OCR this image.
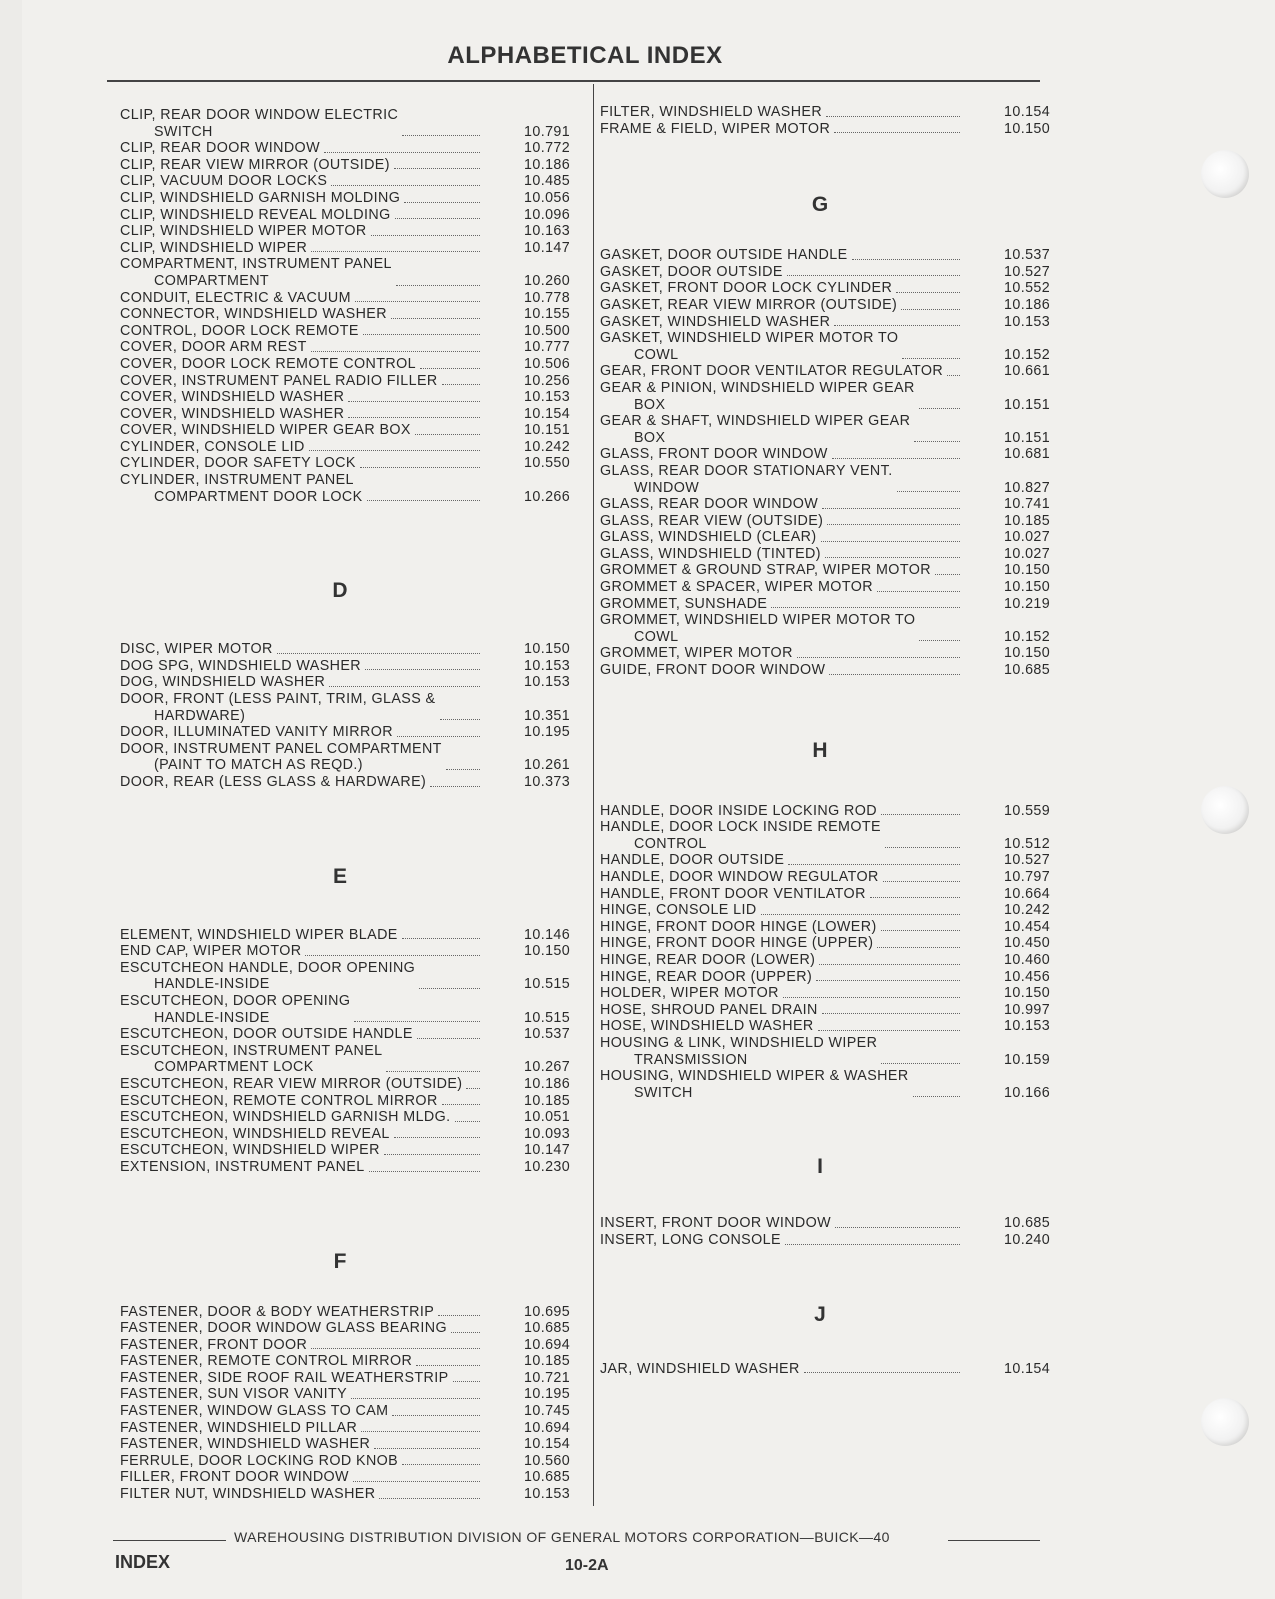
ALPHABETICAL INDEX
CLIP, REAR DOOR WINDOW ELECTRIC
SWITCH	10.791
CLIP, REAR DOOR WINDOW	10.772
CLIP, REAR VIEW MIRROR (OUTSIDE)	10.186
CLIP, VACUUM DOOR LOCKS	10.485
CLIP, WINDSHIELD GARNISH MOLDING	10.056
CLIP, WINDSHIELD REVEAL MOLDING	10.096
CLIP, WINDSHIELD WIPER MOTOR	10.163
CLIP, WINDSHIELD WIPER	10.147
COMPARTMENT, INSTRUMENT PANEL
COMPARTMENT	10.260
CONDUIT, ELECTRIC & VACUUM	10.778
CONNECTOR, WINDSHIELD WASHER	10.155
CONTROL, DOOR LOCK REMOTE	10.500
COVER, DOOR ARM REST	10.777
COVER, DOOR LOCK REMOTE CONTROL	10.506
COVER, INSTRUMENT PANEL RADIO FILLER	10.256
COVER, WINDSHIELD WASHER	10.153
COVER, WINDSHIELD WASHER	10.154
COVER, WINDSHIELD WIPER GEAR BOX	10.151
CYLINDER, CONSOLE LID	10.242
CYLINDER, DOOR SAFETY LOCK	10.550
CYLINDER, INSTRUMENT PANEL
COMPARTMENT DOOR LOCK	10.266
D
DISC, WIPER MOTOR	10.150
DOG SPG, WINDSHIELD WASHER	10.153
DOG, WINDSHIELD WASHER	10.153
DOOR, FRONT (LESS PAINT, TRIM, GLASS &
HARDWARE)	10.351
DOOR, ILLUMINATED VANITY MIRROR	10.195
DOOR, INSTRUMENT PANEL COMPARTMENT
(PAINT TO MATCH AS REQD.)	10.261
DOOR, REAR (LESS GLASS & HARDWARE)	10.373
E
ELEMENT, WINDSHIELD WIPER BLADE	10.146
END CAP, WIPER MOTOR	10.150
ESCUTCHEON HANDLE, DOOR OPENING
HANDLE-INSIDE	10.515
ESCUTCHEON, DOOR OPENING
HANDLE-INSIDE	10.515
ESCUTCHEON, DOOR OUTSIDE HANDLE	10.537
ESCUTCHEON, INSTRUMENT PANEL
COMPARTMENT LOCK	10.267
ESCUTCHEON, REAR VIEW MIRROR (OUTSIDE)	10.186
ESCUTCHEON, REMOTE CONTROL MIRROR	10.185
ESCUTCHEON, WINDSHIELD GARNISH MLDG.	10.051
ESCUTCHEON, WINDSHIELD REVEAL	10.093
ESCUTCHEON, WINDSHIELD WIPER	10.147
EXTENSION, INSTRUMENT PANEL	10.230
F
FASTENER, DOOR & BODY WEATHERSTRIP	10.695
FASTENER, DOOR WINDOW GLASS BEARING	10.685
FASTENER, FRONT DOOR	10.694
FASTENER, REMOTE CONTROL MIRROR	10.185
FASTENER, SIDE ROOF RAIL WEATHERSTRIP	10.721
FASTENER, SUN VISOR VANITY	10.195
FASTENER, WINDOW GLASS TO CAM	10.745
FASTENER, WINDSHIELD PILLAR	10.694
FASTENER, WINDSHIELD WASHER	10.154
FERRULE, DOOR LOCKING ROD KNOB	10.560
FILLER, FRONT DOOR WINDOW	10.685
FILTER NUT, WINDSHIELD WASHER	10.153
FILTER, WINDSHIELD WASHER	10.154
FRAME & FIELD, WIPER MOTOR	10.150
G
GASKET, DOOR OUTSIDE HANDLE	10.537
GASKET, DOOR OUTSIDE	10.527
GASKET, FRONT DOOR LOCK CYLINDER	10.552
GASKET, REAR VIEW MIRROR (OUTSIDE)	10.186
GASKET, WINDSHIELD WASHER	10.153
GASKET, WINDSHIELD WIPER MOTOR TO
COWL	10.152
GEAR, FRONT DOOR VENTILATOR REGULATOR	10.661
GEAR & PINION, WINDSHIELD WIPER GEAR
BOX	10.151
GEAR & SHAFT, WINDSHIELD WIPER GEAR
BOX	10.151
GLASS, FRONT DOOR WINDOW	10.681
GLASS, REAR DOOR STATIONARY VENT.
WINDOW	10.827
GLASS, REAR DOOR WINDOW	10.741
GLASS, REAR VIEW (OUTSIDE)	10.185
GLASS, WINDSHIELD (CLEAR)	10.027
GLASS, WINDSHIELD (TINTED)	10.027
GROMMET & GROUND STRAP, WIPER MOTOR	10.150
GROMMET & SPACER, WIPER MOTOR	10.150
GROMMET, SUNSHADE	10.219
GROMMET, WINDSHIELD WIPER MOTOR TO
COWL	10.152
GROMMET, WIPER MOTOR	10.150
GUIDE, FRONT DOOR WINDOW	10.685
H
HANDLE, DOOR INSIDE LOCKING ROD	10.559
HANDLE, DOOR LOCK INSIDE REMOTE
CONTROL	10.512
HANDLE, DOOR OUTSIDE	10.527
HANDLE, DOOR WINDOW REGULATOR	10.797
HANDLE, FRONT DOOR VENTILATOR	10.664
HINGE, CONSOLE LID	10.242
HINGE, FRONT DOOR HINGE (LOWER)	10.454
HINGE, FRONT DOOR HINGE (UPPER)	10.450
HINGE, REAR DOOR (LOWER)	10.460
HINGE, REAR DOOR (UPPER)	10.456
HOLDER, WIPER MOTOR	10.150
HOSE, SHROUD PANEL DRAIN	10.997
HOSE, WINDSHIELD WASHER	10.153
HOUSING & LINK, WINDSHIELD WIPER
TRANSMISSION	10.159
HOUSING, WINDSHIELD WIPER & WASHER
SWITCH	10.166
I
INSERT, FRONT DOOR WINDOW	10.685
INSERT, LONG CONSOLE	10.240
J
JAR, WINDSHIELD WASHER	10.154
WAREHOUSING DISTRIBUTION DIVISION OF GENERAL MOTORS CORPORATION—BUICK—40
INDEX	10-2A
